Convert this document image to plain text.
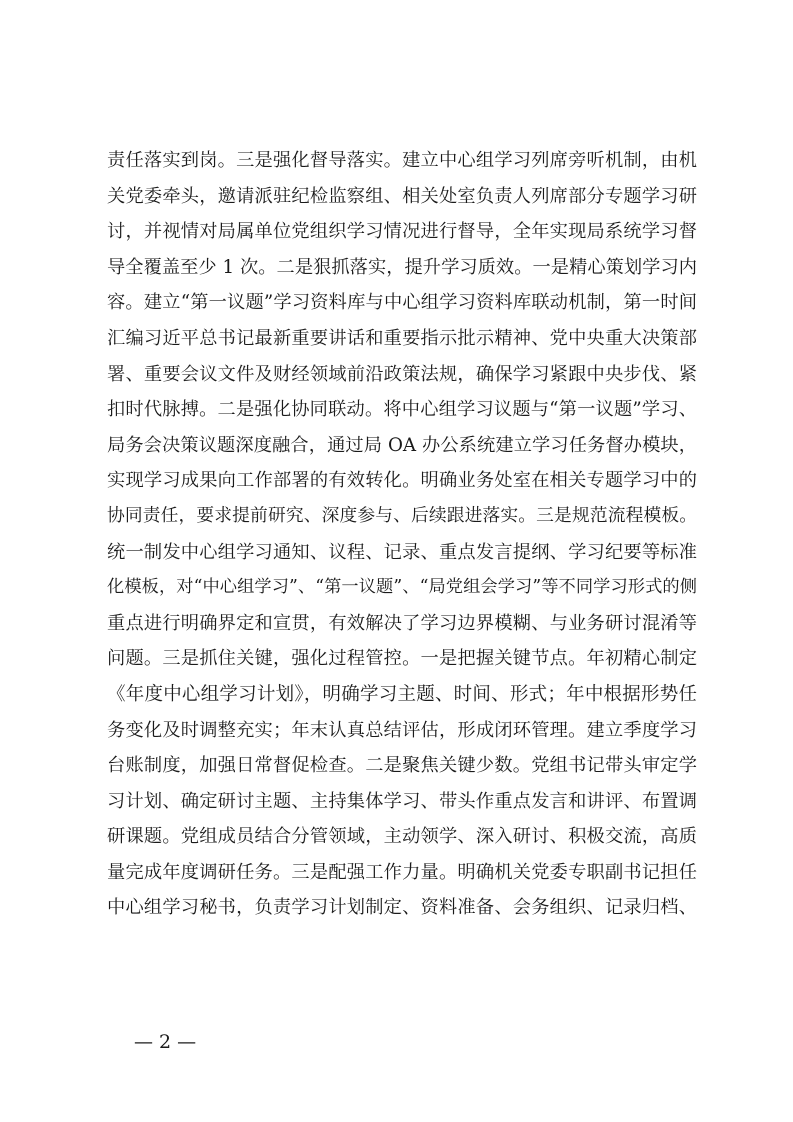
责任落实到岗。三是强化督导落实。建立中心组学习列席旁听机制，由机
关党委牵头，邀请派驻纪检监察组、相关处室负责人列席部分专题学习研
讨，并视情对局属单位党组织学习情况进行督导，全年实现局系统学习督
导全覆盖至少 1 次。二是狠抓落实，提升学习质效。一是精心策划学习内
容。建立“第一议题”学习资料库与中心组学习资料库联动机制，第一时间
汇编习近平总书记最新重要讲话和重要指示批示精神、党中央重大决策部
署、重要会议文件及财经领域前沿政策法规，确保学习紧跟中央步伐、紧
扣时代脉搏。二是强化协同联动。将中心组学习议题与“第一议题”学习、
局务会决策议题深度融合，通过局 OA 办公系统建立学习任务督办模块，
实现学习成果向工作部署的有效转化。明确业务处室在相关专题学习中的
协同责任，要求提前研究、深度参与、后续跟进落实。三是规范流程模板。
统一制发中心组学习通知、议程、记录、重点发言提纲、学习纪要等标准
化模板，对“中心组学习”、“第一议题”、“局党组会学习”等不同学习形式的侧
重点进行明确界定和宣贯，有效解决了学习边界模糊、与业务研讨混淆等
问题。三是抓住关键，强化过程管控。一是把握关键节点。年初精心制定
《年度中心组学习计划》，明确学习主题、时间、形式；年中根据形势任
务变化及时调整充实；年末认真总结评估，形成闭环管理。建立季度学习
台账制度，加强日常督促检查。二是聚焦关键少数。党组书记带头审定学
习计划、确定研讨主题、主持集体学习、带头作重点发言和讲评、布置调
研课题。党组成员结合分管领域，主动领学、深入研讨、积极交流，高质
量完成年度调研任务。三是配强工作力量。明确机关党委专职副书记担任
中心组学习秘书，负责学习计划制定、资料准备、会务组织、记录归档、
— 2 —
